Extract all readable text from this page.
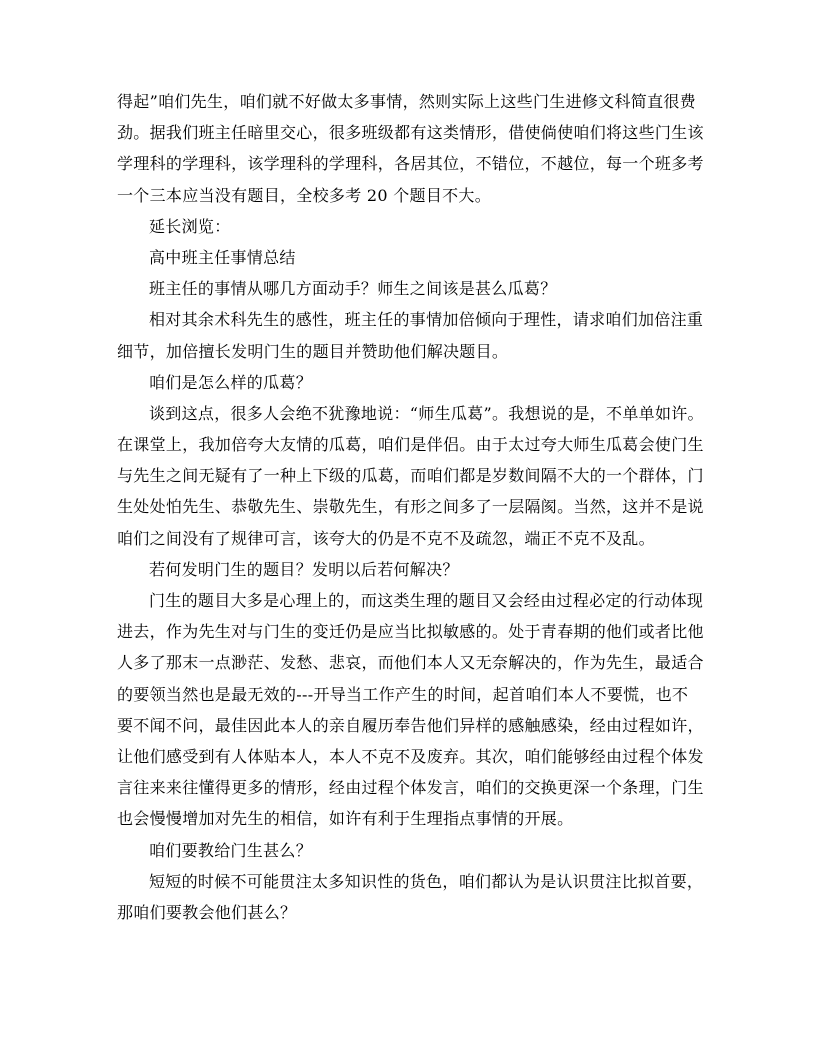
得起”咱们先生，咱们就不好做太多事情，然则实际上这些门生进修文科简直很费
劲。据我们班主任暗里交心，很多班级都有这类情形，借使倘使咱们将这些门生该
学理科的学理科，该学理科的学理科，各居其位，不错位，不越位，每一个班多考
一个三本应当没有题目，全校多考 20 个题目不大。
延长浏览：
高中班主任事情总结
班主任的事情从哪几方面动手？师生之间该是甚么瓜葛？
相对其余术科先生的感性，班主任的事情加倍倾向于理性，请求咱们加倍注重
细节，加倍擅长发明门生的题目并赞助他们解决题目。
咱们是怎么样的瓜葛？
谈到这点，很多人会绝不犹豫地说：“师生瓜葛”。我想说的是，不单单如许。
在课堂上，我加倍夸大友情的瓜葛，咱们是伴侣。由于太过夸大师生瓜葛会使门生
与先生之间无疑有了一种上下级的瓜葛，而咱们都是岁数间隔不大的一个群体，门
生处处怕先生、恭敬先生、崇敬先生，有形之间多了一层隔阂。当然，这并不是说
咱们之间没有了规律可言，该夸大的仍是不克不及疏忽，端正不克不及乱。
若何发明门生的题目？发明以后若何解决？
门生的题目大多是心理上的，而这类生理的题目又会经由过程必定的行动体现
进去，作为先生对与门生的变迁仍是应当比拟敏感的。处于青春期的他们或者比他
人多了那末一点渺茫、发愁、悲哀，而他们本人又无奈解决的，作为先生，最适合
的要领当然也是最无效的---开导当工作产生的时间，起首咱们本人不要慌，也不
要不闻不问，最佳因此本人的亲自履历奉告他们异样的感触感染，经由过程如许，
让他们感受到有人体贴本人，本人不克不及废弃。其次，咱们能够经由过程个体发
言往来来往懂得更多的情形，经由过程个体发言，咱们的交换更深一个条理，门生
也会慢慢增加对先生的相信，如许有利于生理指点事情的开展。
咱们要教给门生甚么？
短短的时候不可能贯注太多知识性的货色，咱们都认为是认识贯注比拟首要，
那咱们要教会他们甚么？
